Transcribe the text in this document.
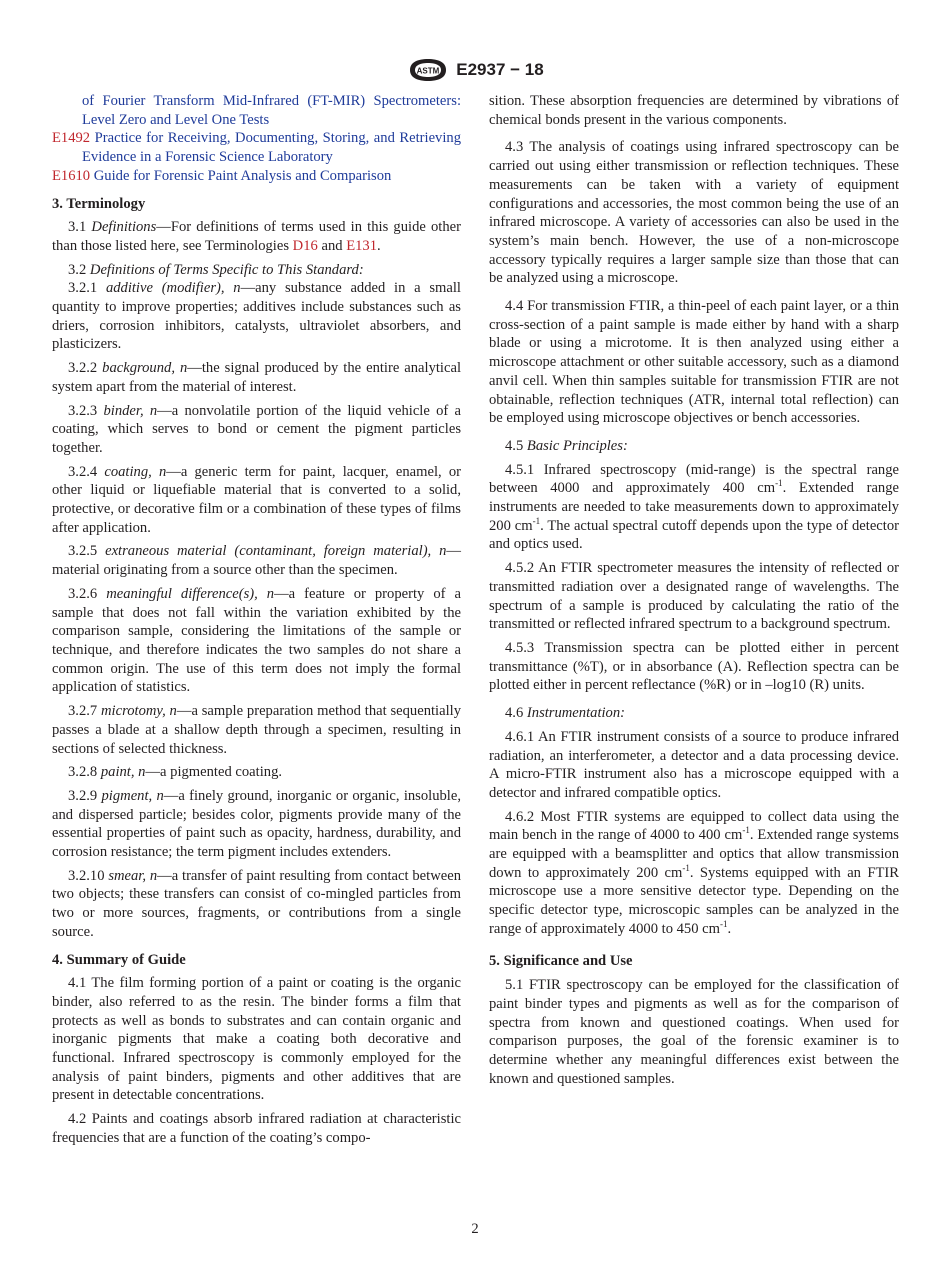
ASTM E2937 − 18
of Fourier Transform Mid-Infrared (FT-MIR) Spectrometers: Level Zero and Level One Tests
E1492 Practice for Receiving, Documenting, Storing, and Retrieving Evidence in a Forensic Science Laboratory
E1610 Guide for Forensic Paint Analysis and Comparison
3. Terminology

3.1 Definitions—For definitions of terms used in this guide other than those listed here, see Terminologies D16 and E131.

3.2 Definitions of Terms Specific to This Standard:

3.2.1 additive (modifier), n—any substance added in a small quantity to improve properties; additives include substances such as driers, corrosion inhibitors, catalysts, ultraviolet absorbers, and plasticizers.

3.2.2 background, n—the signal produced by the entire analytical system apart from the material of interest.

3.2.3 binder, n—a nonvolatile portion of the liquid vehicle of a coating, which serves to bond or cement the pigment particles together.

3.2.4 coating, n—a generic term for paint, lacquer, enamel, or other liquid or liquefiable material that is converted to a solid, protective, or decorative film or a combination of these types of films after application.

3.2.5 extraneous material (contaminant, foreign material), n—material originating from a source other than the specimen.

3.2.6 meaningful difference(s), n—a feature or property of a sample that does not fall within the variation exhibited by the comparison sample, considering the limitations of the sample or technique, and therefore indicates the two samples do not share a common origin. The use of this term does not imply the formal application of statistics.

3.2.7 microtomy, n—a sample preparation method that sequentially passes a blade at a shallow depth through a specimen, resulting in sections of selected thickness.

3.2.8 paint, n—a pigmented coating.

3.2.9 pigment, n—a finely ground, inorganic or organic, insoluble, and dispersed particle; besides color, pigments provide many of the essential properties of paint such as opacity, hardness, durability, and corrosion resistance; the term pigment includes extenders.

3.2.10 smear, n—a transfer of paint resulting from contact between two objects; these transfers can consist of co-mingled particles from two or more sources, fragments, or contributions from a single source.

4. Summary of Guide

4.1 The film forming portion of a paint or coating is the organic binder, also referred to as the resin. The binder forms a film that protects as well as bonds to substrates and can contain organic and inorganic pigments that make a coating both decorative and functional. Infrared spectroscopy is commonly employed for the analysis of paint binders, pigments and other additives that are present in detectable concentrations.

4.2 Paints and coatings absorb infrared radiation at characteristic frequencies that are a function of the coating’s compo-

sition. These absorption frequencies are determined by vibrations of chemical bonds present in the various components.

4.3 The analysis of coatings using infrared spectroscopy can be carried out using either transmission or reflection techniques. These measurements can be taken with a variety of equipment configurations and accessories, the most common being the use of an infrared microscope. A variety of accessories can also be used in the system’s main bench. However, the use of a non-microscope accessory typically requires a larger sample size than those that can be analyzed using a microscope.

4.4 For transmission FTIR, a thin-peel of each paint layer, or a thin cross-section of a paint sample is made either by hand with a sharp blade or using a microtome. It is then analyzed using either a microscope attachment or other suitable accessory, such as a diamond anvil cell. When thin samples suitable for transmission FTIR are not obtainable, reflection techniques (ATR, internal total reflection) can be employed using microscope objectives or bench accessories.

4.5 Basic Principles:

4.5.1 Infrared spectroscopy (mid-range) is the spectral range between 4000 and approximately 400 $cm^{-1}$. Extended range instruments are needed to take measurements down to approximately 200 $cm^{-1}$. The actual spectral cutoff depends upon the type of detector and optics used.

4.5.2 An FTIR spectrometer measures the intensity of reflected or transmitted radiation over a designated range of wavelengths. The spectrum of a sample is produced by calculating the ratio of the transmitted or reflected infrared spectrum to a background spectrum.

4.5.3 Transmission spectra can be plotted either in percent transmittance (%T), or in absorbance (A). Reflection spectra can be plotted either in percent reflectance (%R) or in –log10 (R) units.

4.6 Instrumentation:

4.6.1 An FTIR instrument consists of a source to produce infrared radiation, an interferometer, a detector and a data processing device. A micro-FTIR instrument also has a microscope equipped with a detector and infrared compatible optics.

4.6.2 Most FTIR systems are equipped to collect data using the main bench in the range of 4000 to 400 $cm^{-1}$. Extended range systems are equipped with a beamsplitter and optics that allow transmission down to approximately 200 $cm^{-1}$. Systems equipped with an FTIR microscope use a more sensitive detector type. Depending on the specific detector type, microscopic samples can be analyzed in the range of approximately 4000 to 450 $cm^{-1}$.

5. Significance and Use

5.1 FTIR spectroscopy can be employed for the classification of paint binder types and pigments as well as for the comparison of spectra from known and questioned coatings. When used for comparison purposes, the goal of the forensic examiner is to determine whether any meaningful differences exist between the known and questioned samples.

2
